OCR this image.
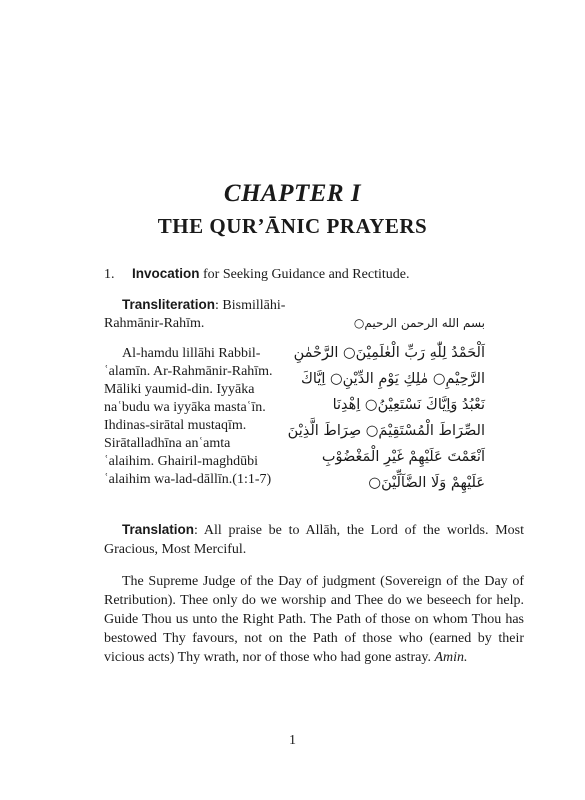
CHAPTER I
THE QUR’ĀNIC PRAYERS
1. Invocation for Seeking Guidance and Rectitude.

Transliteration: Bismillāhi-
Rahmānir-Rahīm.

Al-hamdu lillāhi Rabbil-
ʿalamīn. Ar-Rahmānir-Rahīm.
Māliki yaumid-din. Iyyāka
naʿbudu wa iyyāka mastaʿīn.
Ihdinas-sirātal mustaqīm.
Sirātalladhīna anʿamta
ʿalaihim. Ghairil-maghdūbi
ʿalaihim wa-lad-dāllīn.(1:1-7)

بسم الله الرحمن الرحيم○
اَلْحَمْدُ لِلّٰهِ رَبِّ الْعٰلَمِيْنَ○ الرَّحْمٰنِ
الرَّحِيْمِ○ مٰلِكِ يَوْمِ الدِّيْنِ○ اِيَّاكَ
نَعْبُدُ وَاِيَّاكَ نَسْتَعِيْنُ○ اِهْدِنَا
الصِّرَاطَ الْمُسْتَقِيْمَ○ صِرَاطَ الَّذِيْنَ
اَنْعَمْتَ عَلَيْهِمْ غَيْرِ الْمَغْضُوْبِ
عَلَيْهِمْ وَلَا الضَّآلِّيْنَ○
Translation: All praise be to Allāh, the Lord of the worlds. Most Gracious, Most Merciful.
The Supreme Judge of the Day of judgment (Sovereign of the Day of Retribution). Thee only do we worship and Thee do we beseech for help. Guide Thou us unto the Right Path. The Path of those on whom Thou has bestowed Thy favours, not on the Path of those who (earned by their vicious acts) Thy wrath, nor of those who had gone astray. Amin.
1
